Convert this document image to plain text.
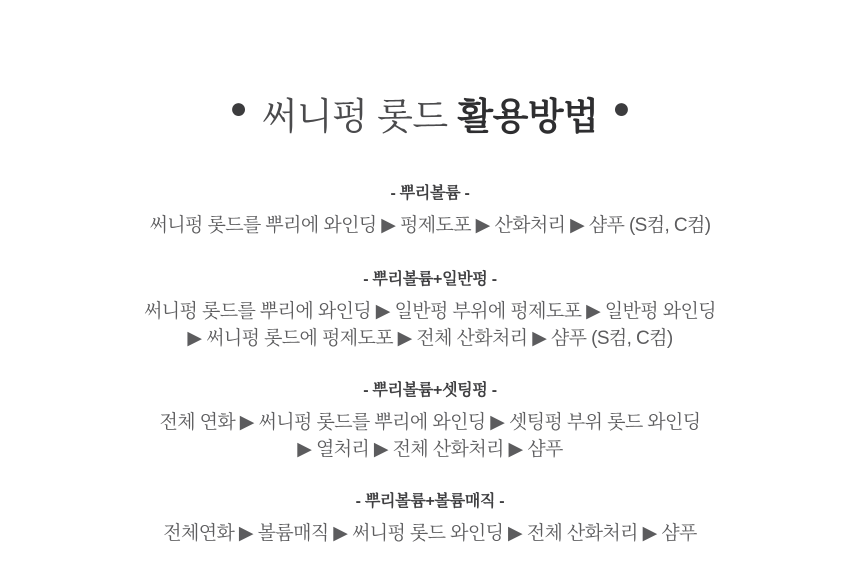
● 써니펑 롯드 활용방법 ●
- 뿌리볼륨 -
써니펑 롯드를 뿌리에 와인딩 ▶ 펑제도포 ▶ 산화처리 ▶ 샴푸 (S컴, C컴)
- 뿌리볼륨+일반펑 -
써니펑 롯드를 뿌리에 와인딩 ▶ 일반펑 부위에 펑제도포 ▶ 일반펑 와인딩
▶ 써니펑 롯드에 펑제도포 ▶ 전체 산화처리 ▶ 샴푸 (S컴, C컴)
- 뿌리볼륨+셋팅펑 -
전체 연화 ▶ 써니펑 롯드를 뿌리에 와인딩 ▶ 셋팅펑 부위 롯드 와인딩
▶ 열처리 ▶ 전체 산화처리 ▶ 샴푸
- 뿌리볼륨+볼륨매직 -
전체연화 ▶ 볼륨매직 ▶ 써니펑 롯드 와인딩 ▶ 전체 산화처리 ▶ 샴푸
